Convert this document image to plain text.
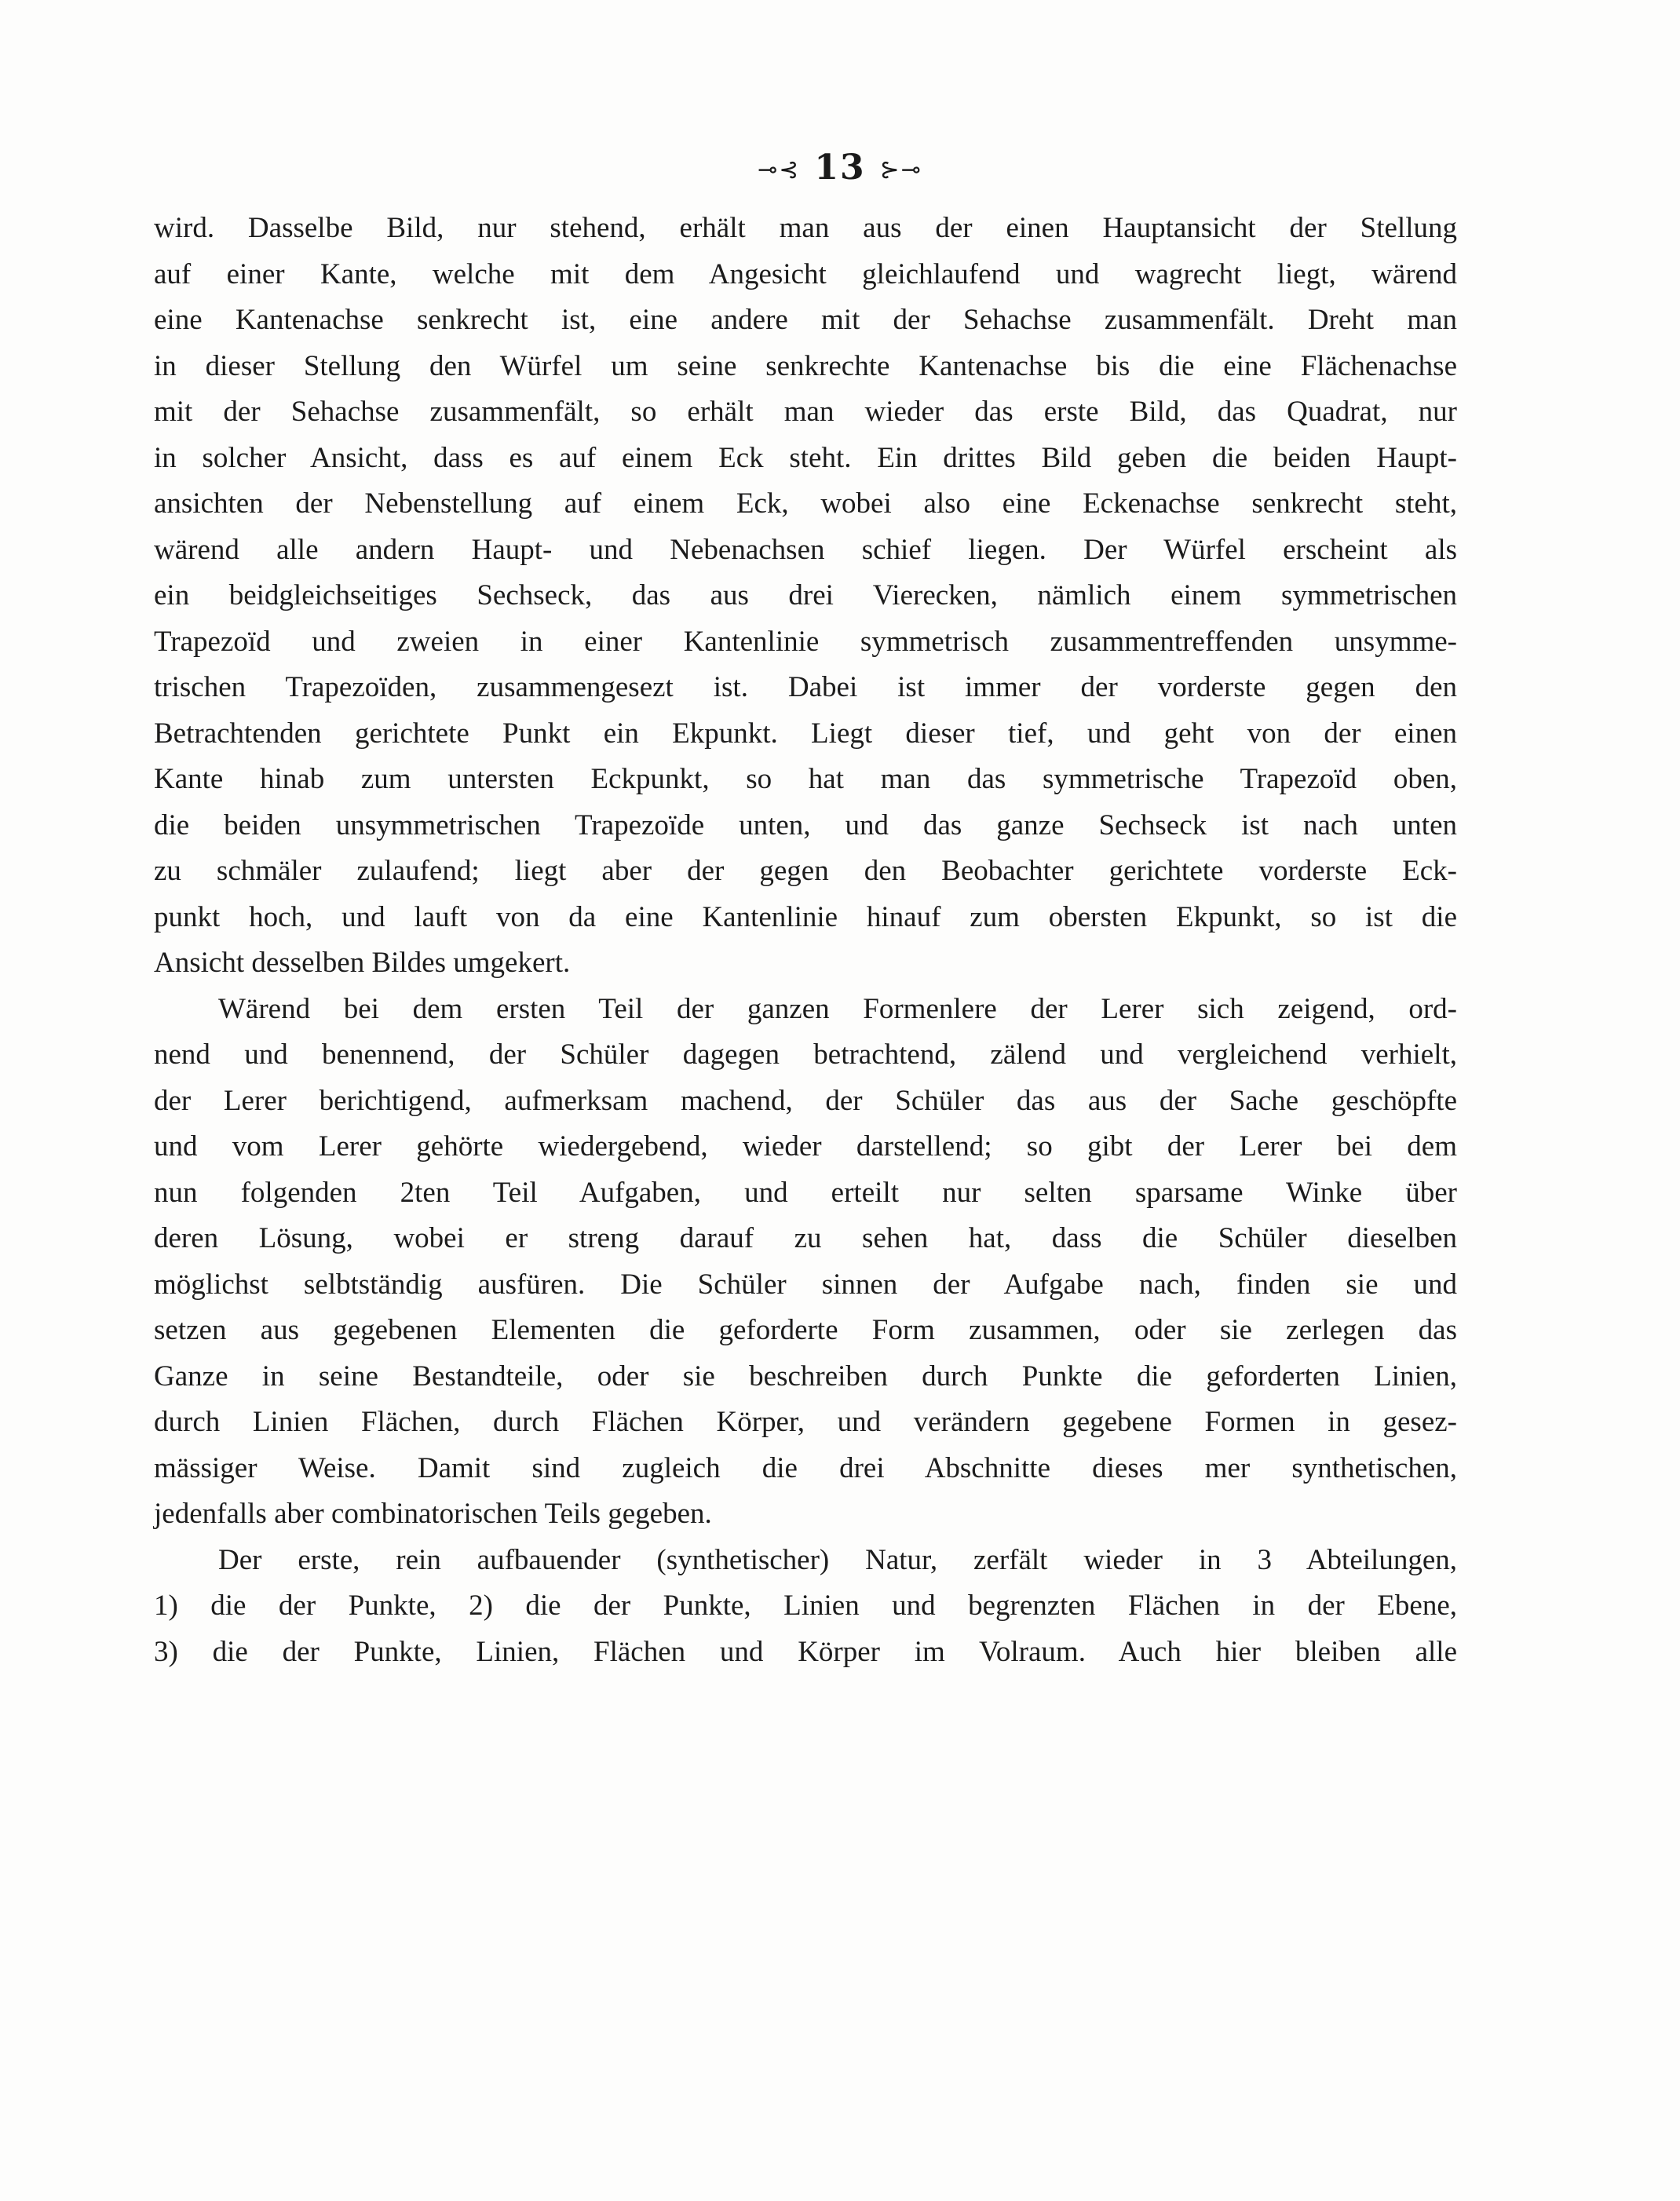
⊸⊰ 13 ⊱⊸
wird. Dasselbe Bild, nur stehend, erhält man aus der einen Hauptansicht der Stellung
auf einer Kante, welche mit dem Angesicht gleichlaufend und wagrecht liegt, wärend
eine Kantenachse senkrecht ist, eine andere mit der Sehachse zusammenfält. Dreht man
in dieser Stellung den Würfel um seine senkrechte Kantenachse bis die eine Flächenachse
mit der Sehachse zusammenfält, so erhält man wieder das erste Bild, das Quadrat, nur
in solcher Ansicht, dass es auf einem Eck steht. Ein drittes Bild geben die beiden Haupt-
ansichten der Nebenstellung auf einem Eck, wobei also eine Eckenachse senkrecht steht,
wärend alle andern Haupt- und Nebenachsen schief liegen. Der Würfel erscheint als
ein beidgleichseitiges Sechseck, das aus drei Vierecken, nämlich einem symmetrischen
Trapezoïd und zweien in einer Kantenlinie symmetrisch zusammentreffenden unsymme-
trischen Trapezoïden, zusammengesezt ist. Dabei ist immer der vorderste gegen den
Betrachtenden gerichtete Punkt ein Ekpunkt. Liegt dieser tief, und geht von der einen
Kante hinab zum untersten Eckpunkt, so hat man das symmetrische Trapezoïd oben,
die beiden unsymmetrischen Trapezoïde unten, und das ganze Sechseck ist nach unten
zu schmäler zulaufend; liegt aber der gegen den Beobachter gerichtete vorderste Eck-
punkt hoch, und lauft von da eine Kantenlinie hinauf zum obersten Ekpunkt, so ist die
Ansicht desselben Bildes umgekert.
Wärend bei dem ersten Teil der ganzen Formenlere der Lerer sich zeigend, ord-
nend und benennend, der Schüler dagegen betrachtend, zälend und vergleichend verhielt,
der Lerer berichtigend, aufmerksam machend, der Schüler das aus der Sache geschöpfte
und vom Lerer gehörte wiedergebend, wieder darstellend; so gibt der Lerer bei dem
nun folgenden 2ten Teil Aufgaben, und erteilt nur selten sparsame Winke über
deren Lösung, wobei er streng darauf zu sehen hat, dass die Schüler dieselben
möglichst selbtständig ausfüren. Die Schüler sinnen der Aufgabe nach, finden sie und
setzen aus gegebenen Elementen die geforderte Form zusammen, oder sie zerlegen das
Ganze in seine Bestandteile, oder sie beschreiben durch Punkte die geforderten Linien,
durch Linien Flächen, durch Flächen Körper, und verändern gegebene Formen in gesez-
mässiger Weise. Damit sind zugleich die drei Abschnitte dieses mer synthetischen,
jedenfalls aber combinatorischen Teils gegeben.
Der erste, rein aufbauender (synthetischer) Natur, zerfält wieder in 3 Abteilungen,
1) die der Punkte, 2) die der Punkte, Linien und begrenzten Flächen in der Ebene,
3) die der Punkte, Linien, Flächen und Körper im Volraum. Auch hier bleiben alle
